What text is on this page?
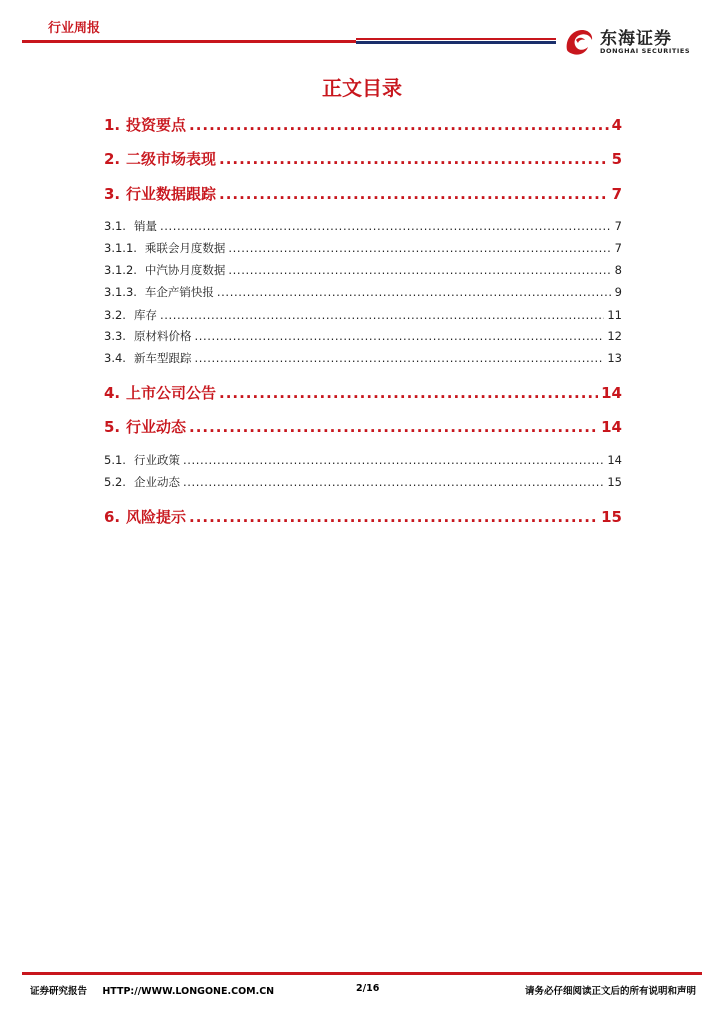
行业周报
东海证券
DONGHAI SECURITIES
正文目录
1. 投资要点 .....	4
2. 二级市场表现 .....	5
3. 行业数据跟踪 .....	7
3.1. 销量 .....	7
3.1.1. 乘联会月度数据 .....	7
3.1.2. 中汽协月度数据 .....	8
3.1.3. 车企产销快报 .....	9
3.2. 库存 .....	11
3.3. 原材料价格 .....	12
3.4. 新车型跟踪 .....	13
4. 上市公司公告 .....	14
5. 行业动态 .....	14
5.1. 行业政策 .....	14
5.2. 企业动态 .....	15
6. 风险提示 .....	15
证券研究报告 HTTP://WWW.LONGONE.COM.CN	2/16	请务必仔细阅读正文后的所有说明和声明
